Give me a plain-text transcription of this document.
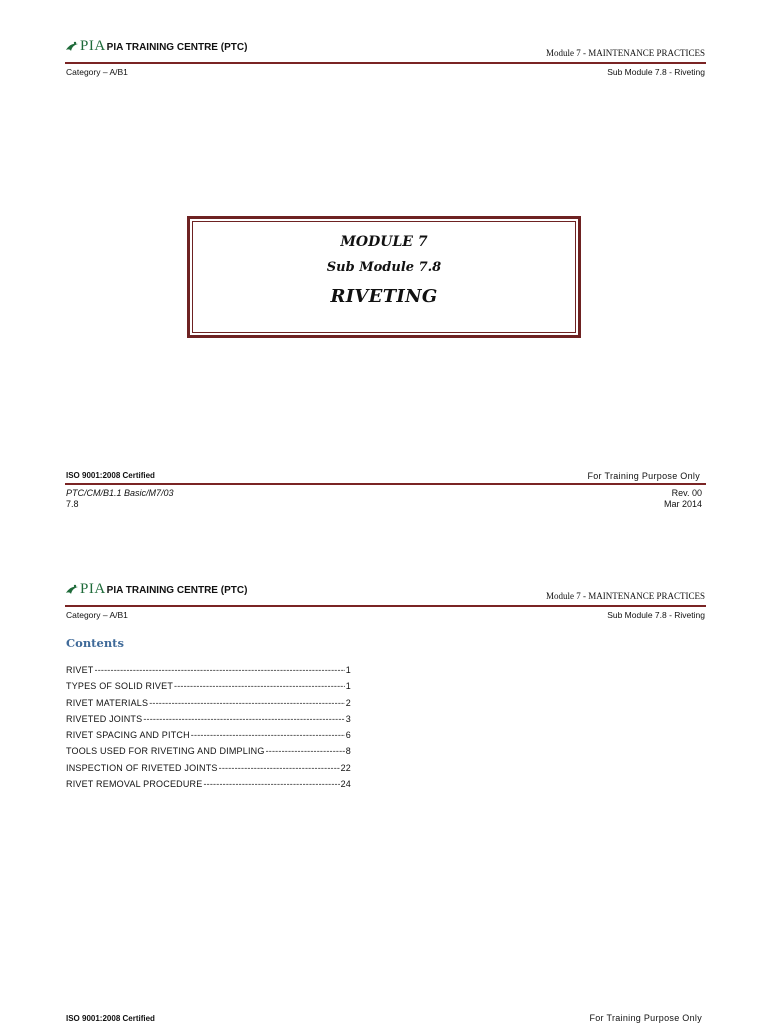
PIA PIA TRAINING CENTRE (PTC)	Module 7 - MAINTENANCE PRACTICES
Category – A/B1	Sub Module 7.8 - Riveting
MODULE 7
Sub Module 7.8
RIVETING
ISO 9001:2008 Certified	For Training Purpose Only
PTC/CM/B1.1 Basic/M7/03
7.8
Rev. 00
Mar 2014
PIA PIA TRAINING CENTRE (PTC)	Module 7 - MAINTENANCE PRACTICES
Category – A/B1	Sub Module 7.8 - Riveting
Contents
RIVET -----	1
TYPES OF SOLID RIVET -----	1
RIVET MATERIALS -----	2
RIVETED JOINTS -----	3
RIVET SPACING AND PITCH -----	6
TOOLS USED FOR RIVETING AND DIMPLING -----	8
INSPECTION OF RIVETED JOINTS -----	22
RIVET REMOVAL PROCEDURE -----	24
ISO 9001:2008 Certified	For Training Purpose Only
